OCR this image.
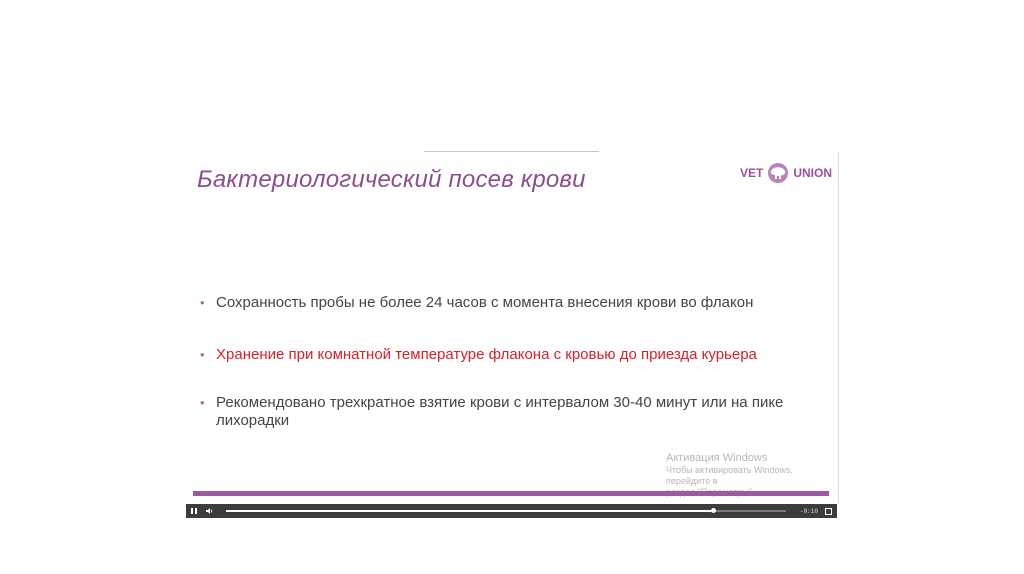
Бактериологический посев крови	VET	UNION
• Сохранность пробы не более 24 часов с момента внесения крови во флакон
• Хранение при комнатной температуре флакона с кровью до приезда курьера
• Рекомендовано трехкратное взятие крови с интервалом 30-40 минут или на пике лихорадки
Активация Windows
Чтобы активировать Windows, перейдите в
-0:10
